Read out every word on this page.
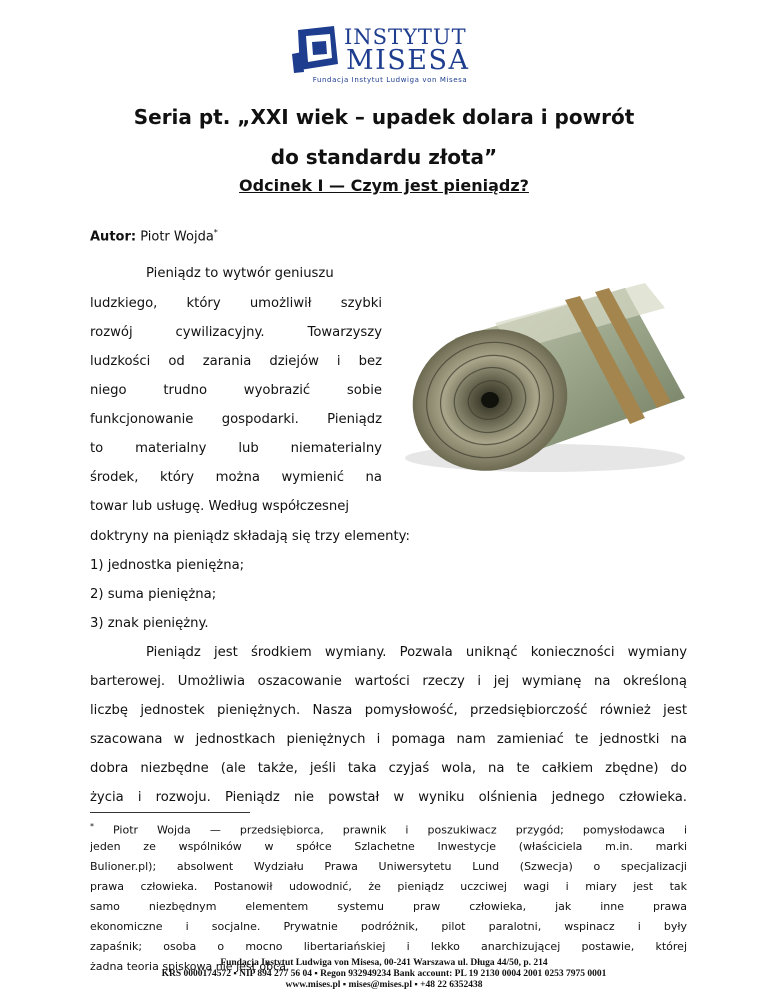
INSTYTUT
MISESA
Fundacja Instytut Ludwiga von Misesa
Seria pt. „XXI wiek – upadek dolara i powrót
do standardu złota”
Odcinek I — Czym jest pieniądz?
Autor: Piotr Wojda*
Pieniądz to wytwór geniuszu
ludzkiego, który umożliwił szybki
rozwój cywilizacyjny. Towarzyszy
ludzkości od zarania dziejów i bez
niego trudno wyobrazić sobie
funkcjonowanie gospodarki. Pieniądz
to materialny lub niematerialny
środek, który można wymienić na
towar lub usługę. Według współczesnej
doktryny na pieniądz składają się trzy elementy:
1) jednostka pieniężna;
2) suma pieniężna;
3) znak pieniężny.
Pieniądz jest środkiem wymiany. Pozwala uniknąć konieczności wymiany
barterowej. Umożliwia oszacowanie wartości rzeczy i jej wymianę na określoną
liczbę jednostek pieniężnych. Nasza pomysłowość, przedsiębiorczość również jest
szacowana w jednostkach pieniężnych i pomaga nam zamieniać te jednostki na
dobra niezbędne (ale także, jeśli taka czyjaś wola, na te całkiem zbędne) do
życia i rozwoju. Pieniądz nie powstał w wyniku olśnienia jednego człowieka.
* Piotr Wojda — przedsiębiorca, prawnik i poszukiwacz przygód; pomysłodawca i
jeden ze wspólników w spółce Szlachetne Inwestycje (właściciela m.in. marki
Bulioner.pl); absolwent Wydziału Prawa Uniwersytetu Lund (Szwecja) o specjalizacji
prawa człowieka. Postanowił udowodnić, że pieniądz uczciwej wagi i miary jest tak
samo niezbędnym elementem systemu praw człowieka, jak inne prawa
ekonomiczne i socjalne. Prywatnie podróżnik, pilot paralotni, wspinacz i były
zapaśnik; osoba o mocno libertariańskiej i lekko anarchizującej postawie, której
żadna teoria spiskowa nie jest obca.
Fundacja Instytut Ludwiga von Misesa, 00-241 Warszawa ul. Długa 44/50, p. 214
KRS 0000174572 ▪ NIP 894 277 56 04 ▪ Regon 932949234 Bank account: PL 19 2130 0004 2001 0253 7975 0001
www.mises.pl ▪ mises@mises.pl ▪ +48 22 6352438
